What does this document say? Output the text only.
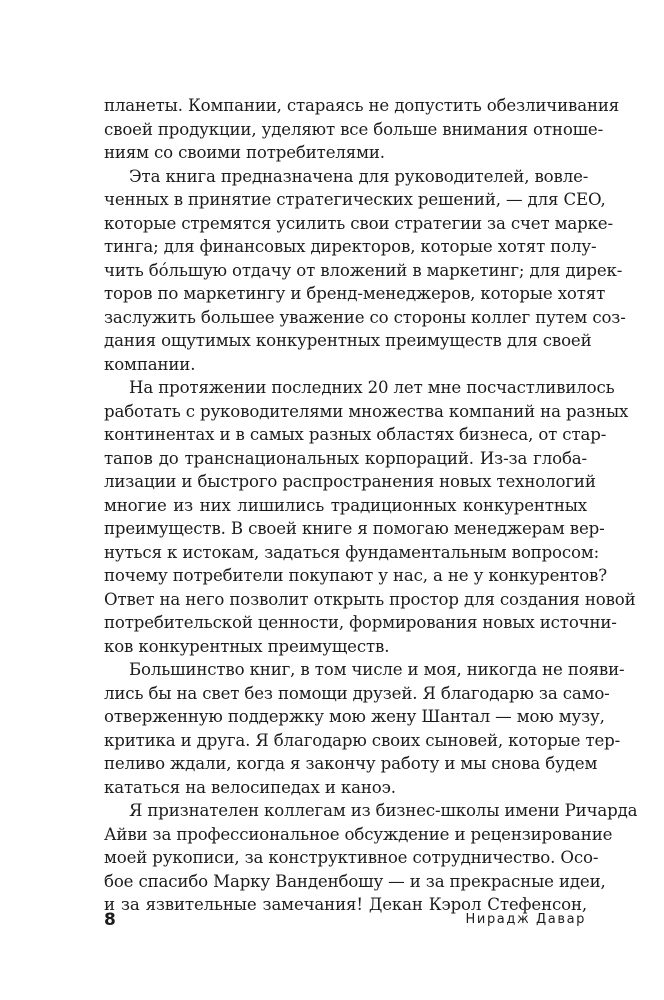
планеты. Компании, стараясь не допустить обезличивания
своей продукции, уделяют все больше внимания отноше-
ниям со своими потребителями.
Эта книга предназначена для руководителей, вовле-
ченных в принятие стратегических решений, — для CEO,
которые стремятся усилить свои стратегии за счет марке-
тинга; для финансовых директоров, которые хотят полу-
чить бóльшую отдачу от вложений в маркетинг; для дирек-
торов по маркетингу и бренд-менеджеров, которые хотят
заслужить большее уважение со стороны коллег путем соз-
дания ощутимых конкурентных преимуществ для своей
компании.
На протяжении последних 20 лет мне посчастливилось
работать с руководителями множества компаний на разных
континентах и в самых разных областях бизнеса, от стар-
тапов до транснациональных корпораций. Из-за глоба-
лизации и быстрого распространения новых технологий
многие из них лишились традиционных конкурентных
преимуществ. В своей книге я помогаю менеджерам вер-
нуться к истокам, задаться фундаментальным вопросом:
почему потребители покупают у нас, а не у конкурентов?
Ответ на него позволит открыть простор для создания новой
потребительской ценности, формирования новых источни-
ков конкурентных преимуществ.
Большинство книг, в том числе и моя, никогда не появи-
лись бы на свет без помощи друзей. Я благодарю за само-
отверженную поддержку мою жену Шантал — мою музу,
критика и друга. Я благодарю своих сыновей, которые тер-
пеливо ждали, когда я закончу работу и мы снова будем
кататься на велосипедах и каноэ.
Я признателен коллегам из бизнес-школы имени Ричарда
Айви за профессиональное обсуждение и рецензирование
моей рукописи, за конструктивное сотрудничество. Осо-
бое спасибо Марку Ванденбошу — и за прекрасные идеи,
и за язвительные замечания! Декан Кэрол Стефенсон,
8	Нирадж Давар
